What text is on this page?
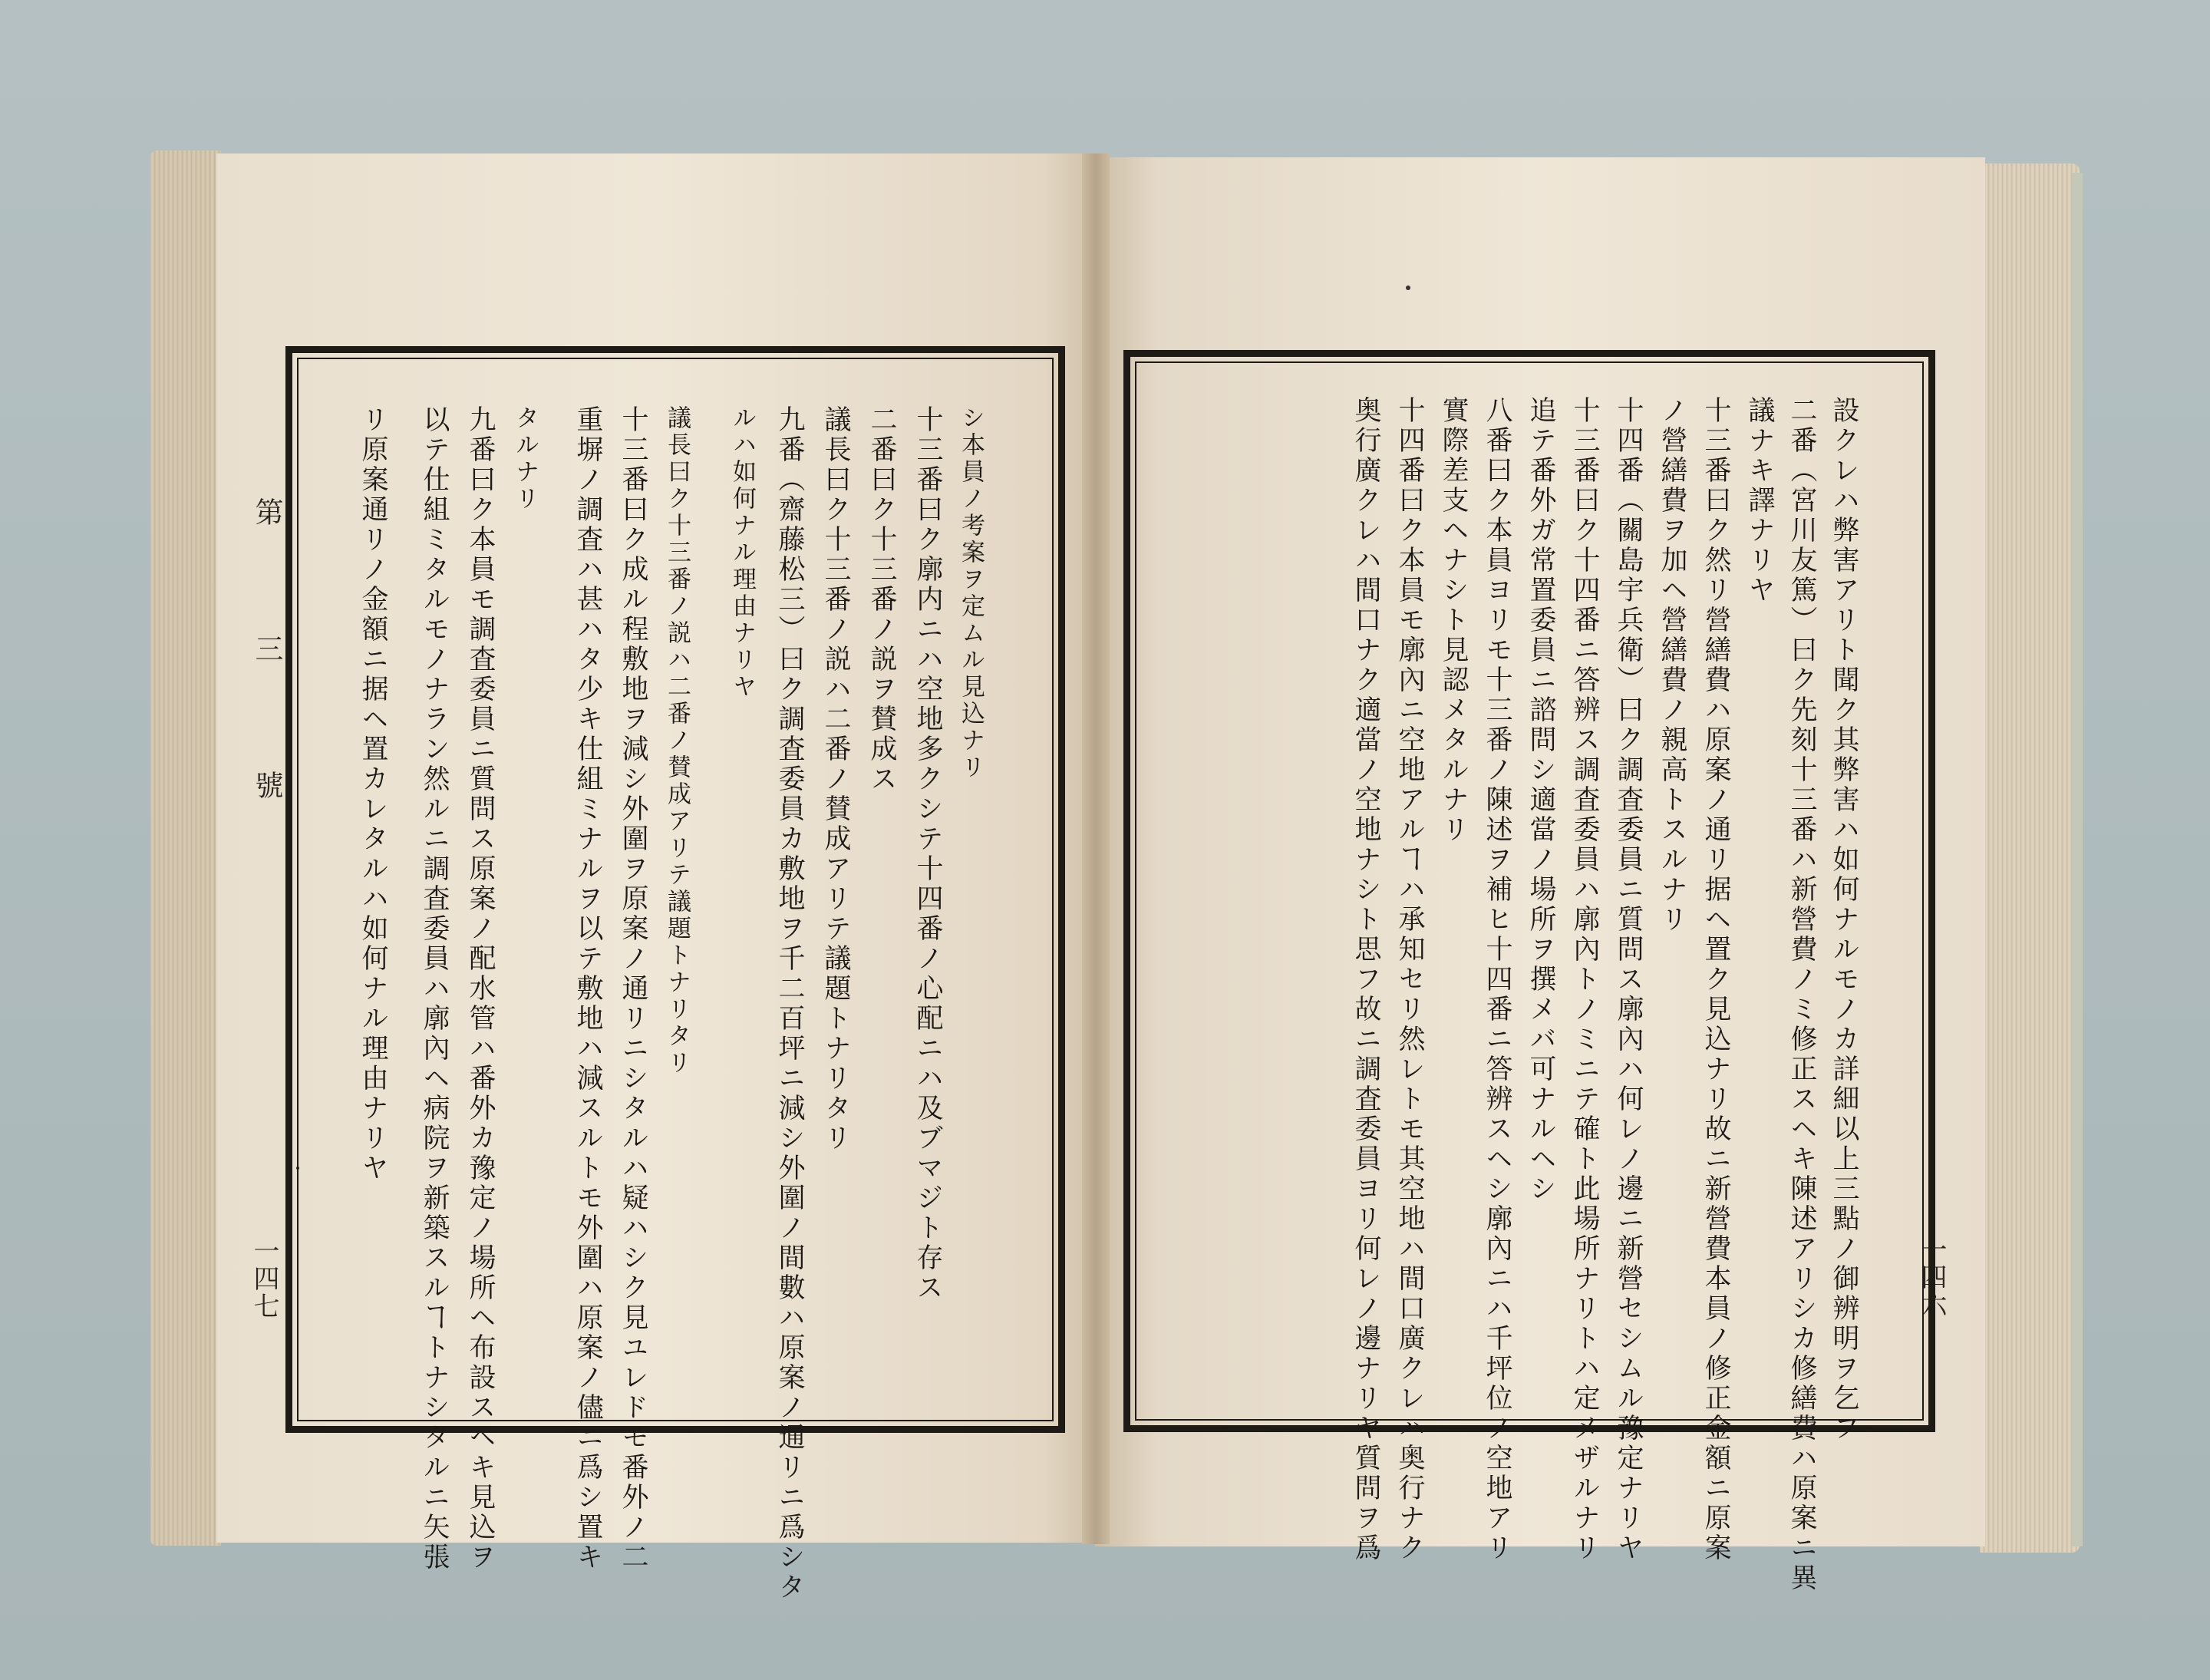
第　三　號
一四七
シ本員ノ考案ヲ定ムル見込ナリ
十三番曰ク廓内ニハ空地多クシテ十四番ノ心配ニハ及ブマジト存ス
二番曰ク十三番ノ説ヲ賛成ス
議長曰ク十三番ノ説ハ二番ノ賛成アリテ議題トナリタリ
九番（齋藤松三）曰ク調査委員カ敷地ヲ千二百坪ニ減シ外圍ノ間數ハ原案ノ通リニ爲シタ
ルハ如何ナル理由ナリヤ
議長曰ク十三番ノ説ハ二番ノ賛成アリテ議題トナリタリ
十三番曰ク成ル程敷地ヲ減シ外圍ヲ原案ノ通リニシタルハ疑ハシク見ユレドモ番外ノ二
重塀ノ調査ハ甚ハタ少キ仕組ミナルヲ以テ敷地ハ減スルトモ外圍ハ原案ノ儘ニ爲シ置キ
タルナリ
九番曰ク本員モ調査委員ニ質問ス原案ノ配水管ハ番外カ豫定ノ場所ヘ布設スヘキ見込ヲ
以テ仕組ミタルモノナラン然ルニ調査委員ハ廓內ヘ病院ヲ新築スルヿトナシタルニ矢張
リ原案通リノ金額ニ据ヘ置カレタルハ如何ナル理由ナリヤ
一四六
設クレハ弊害アリト聞ク其弊害ハ如何ナルモノカ詳細以上三點ノ御辨明ヲ乞フ
二番（宮川友篤）曰ク先刻十三番ハ新營費ノミ修正スヘキ陳述アリシカ修繕費ハ原案ニ異
議ナキ譯ナリヤ
十三番曰ク然リ營繕費ハ原案ノ通リ据ヘ置ク見込ナリ故ニ新營費本員ノ修正金額ニ原案
ノ營繕費ヲ加ヘ營繕費ノ親高トスルナリ
十四番（關島宇兵衛）曰ク調査委員ニ質問ス廓內ハ何レノ邊ニ新營セシムル豫定ナリヤ
十三番曰ク十四番ニ答辨ス調査委員ハ廓內トノミニテ確ト此場所ナリトハ定メザルナリ
追テ番外ガ常置委員ニ諮問シ適當ノ場所ヲ撰メバ可ナルヘシ
八番曰ク本員ヨリモ十三番ノ陳述ヲ補ヒ十四番ニ答辨スヘシ廓內ニハ千坪位ノ空地アリ
實際差支ヘナシト見認メタルナリ
十四番曰ク本員モ廓內ニ空地アルヿハ承知セリ然レトモ其空地ハ間口廣クレハ奥行ナク
奥行廣クレハ間口ナク適當ノ空地ナシト思フ故ニ調査委員ヨリ何レノ邊ナリヤ質問ヲ爲
